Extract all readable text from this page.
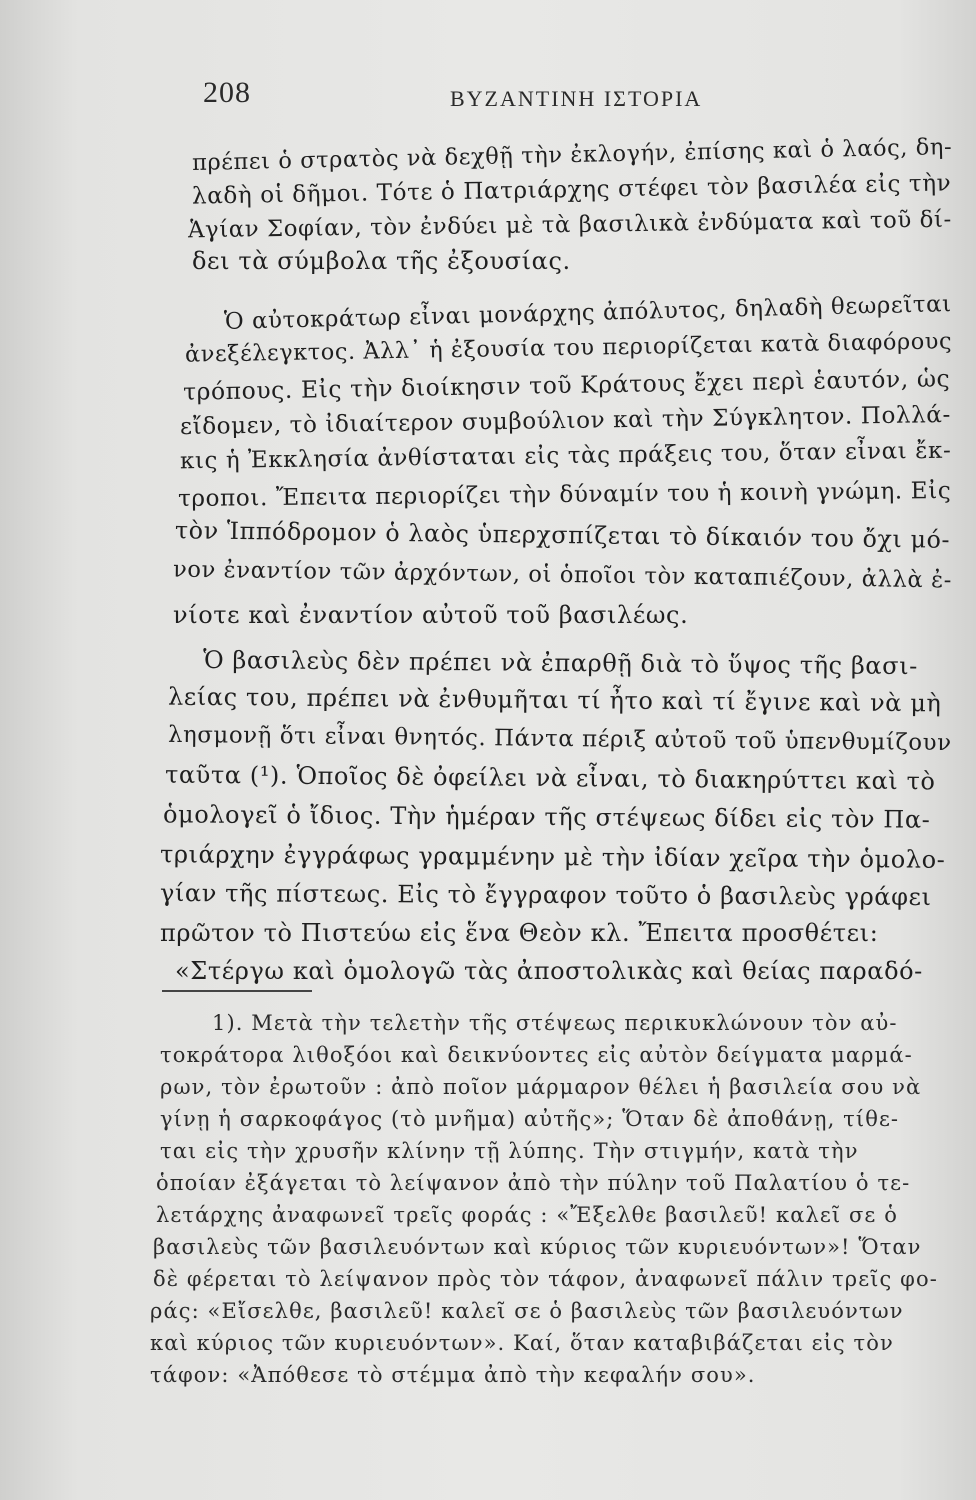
208	ΒΥΖΑΝΤΙΝΗ ΙΣΤΟΡΙΑ
πρέπει ὁ στρατὸς νὰ δεχθῇ τὴν ἐκλογήν, ἐπίσης καὶ ὁ λαός, δη-
λαδὴ οἱ δῆμοι. Τότε ὁ Πατριάρχης στέφει τὸν βασιλέα εἰς τὴν
Ἁγίαν Σοφίαν, τὸν ἐνδύει μὲ τὰ βασιλικὰ ἐνδύματα καὶ τοῦ δί-
δει τὰ σύμβολα τῆς ἐξουσίας.
Ὁ αὐτοκράτωρ εἶναι μονάρχης ἀπόλυτος, δηλαδὴ θεωρεῖται
ἀνεξέλεγκτος. Ἀλλ᾽ ἡ ἐξουσία του περιορίζεται κατὰ διαφόρους
τρόπους. Εἰς τὴν διοίκησιν τοῦ Κράτους ἔχει περὶ ἑαυτόν, ὡς
εἴδομεν, τὸ ἰδιαίτερον συμβούλιον καὶ τὴν Σύγκλητον. Πολλά-
κις ἡ Ἐκκλησία ἀνθίσταται εἰς τὰς πράξεις του, ὅταν εἶναι ἔκ-
τροποι. Ἔπειτα περιορίζει τὴν δύναμίν του ἡ κοινὴ γνώμη. Εἰς
τὸν Ἱππόδρομον ὁ λαὸς ὑπερχσπίζεται τὸ δίκαιόν του ὄχι μό-
νον ἐναντίον τῶν ἀρχόντων, οἱ ὁποῖοι τὸν καταπιέζουν, ἀλλὰ ἐ-
νίοτε καὶ ἐναντίον αὐτοῦ τοῦ βασιλέως.
Ὁ βασιλεὺς δὲν πρέπει νὰ ἐπαρθῇ διὰ τὸ ὕψος τῆς βασι-
λείας του, πρέπει νὰ ἐνθυμῆται τί ἦτο καὶ τί ἔγινε καὶ νὰ μὴ
λησμονῇ ὅτι εἶναι θνητός. Πάντα πέριξ αὐτοῦ τοῦ ὑπενθυμίζουν
ταῦτα (¹). Ὁποῖος δὲ ὀφείλει νὰ εἶναι, τὸ διακηρύττει καὶ τὸ
ὁμολογεῖ ὁ ἴδιος. Τὴν ἡμέραν τῆς στέψεως δίδει εἰς τὸν Πα-
τριάρχην ἐγγράφως γραμμένην μὲ τὴν ἰδίαν χεῖρα τὴν ὁμολο-
γίαν τῆς πίστεως. Εἰς τὸ ἔγγραφον τοῦτο ὁ βασιλεὺς γράφει
πρῶτον τὸ Πιστεύω εἰς ἕνα Θεὸν κλ. Ἔπειτα προσθέτει:
«Στέργω καὶ ὁμολογῶ τὰς ἀποστολικὰς καὶ θείας παραδό-
1). Μετὰ τὴν τελετὴν τῆς στέψεως περικυκλώνουν τὸν αὐ-
τοκράτορα λιθοξόοι καὶ δεικνύοντες εἰς αὐτὸν δείγματα μαρμά-
ρων, τὸν ἐρωτοῦν : ἀπὸ ποῖον μάρμαρον θέλει ἡ βασιλεία σου νὰ
γίνῃ ἡ σαρκοφάγος (τὸ μνῆμα) αὐτῆς»; Ὅταν δὲ ἀποθάνῃ, τίθε-
ται εἰς τὴν χρυσῆν κλίνην τῇ λύπης. Τὴν στιγμήν, κατὰ τὴν
ὁποίαν ἐξάγεται τὸ λείψανον ἀπὸ τὴν πύλην τοῦ Παλατίου ὁ τε-
λετάρχης ἀναφωνεῖ τρεῖς φοράς : «Ἔξελθε βασιλεῦ! καλεῖ σε ὁ
βασιλεὺς τῶν βασιλευόντων καὶ κύριος τῶν κυριευόντων»! Ὅταν
δὲ φέρεται τὸ λείψανον πρὸς τὸν τάφον, ἀναφωνεῖ πάλιν τρεῖς φο-
ράς: «Εἴσελθε, βασιλεῦ! καλεῖ σε ὁ βασιλεὺς τῶν βασιλευόντων
καὶ κύριος τῶν κυριευόντων». Καί, ὅταν καταβιβάζεται εἰς τὸν
τάφον: «Ἀπόθεσε τὸ στέμμα ἀπὸ τὴν κεφαλήν σου».
